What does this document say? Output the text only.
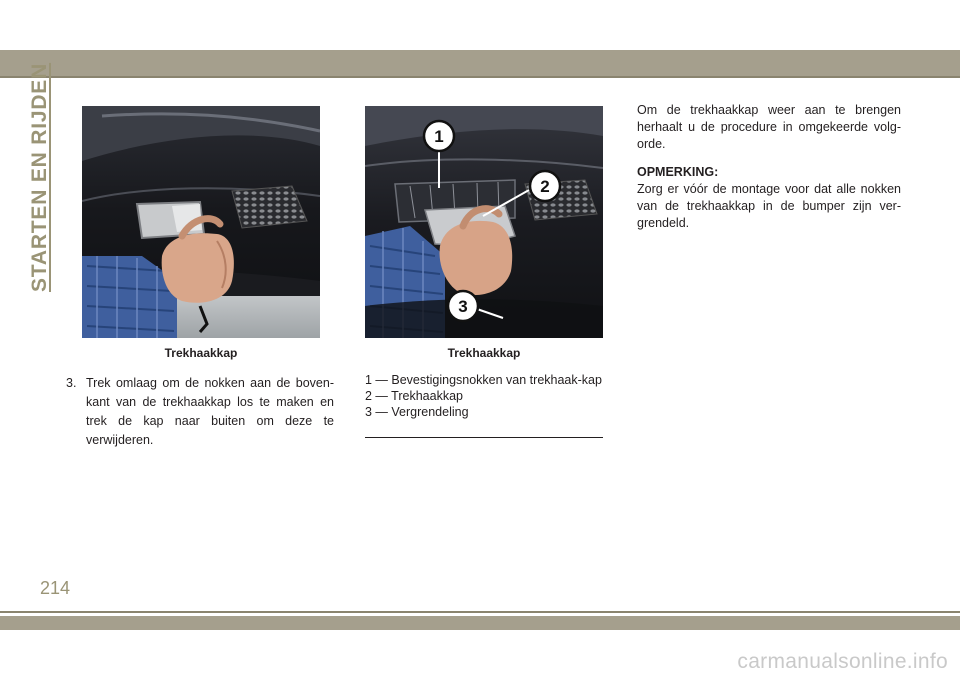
STARTEN EN RIJDEN	1
2
3
Trekhaakkap	Trekhaakkap
3. Trek omlaag om de nokken aan de boven-kant van de trekhaakkap los te maken en trek de kap naar buiten om deze te verwijderen.
1 — Bevestigingsnokken van trekhaak-kap
2 — Trekhaakkap
3 — Vergrendeling

Om de trekhaakkap weer aan te brengen herhaalt u de procedure in omgekeerde volg-orde.

OPMERKING:

Zorg er vóór de montage voor dat alle nokken van de trekhaakkap in de bumper zijn ver-grendeld.

214
carmanualsonline.info
